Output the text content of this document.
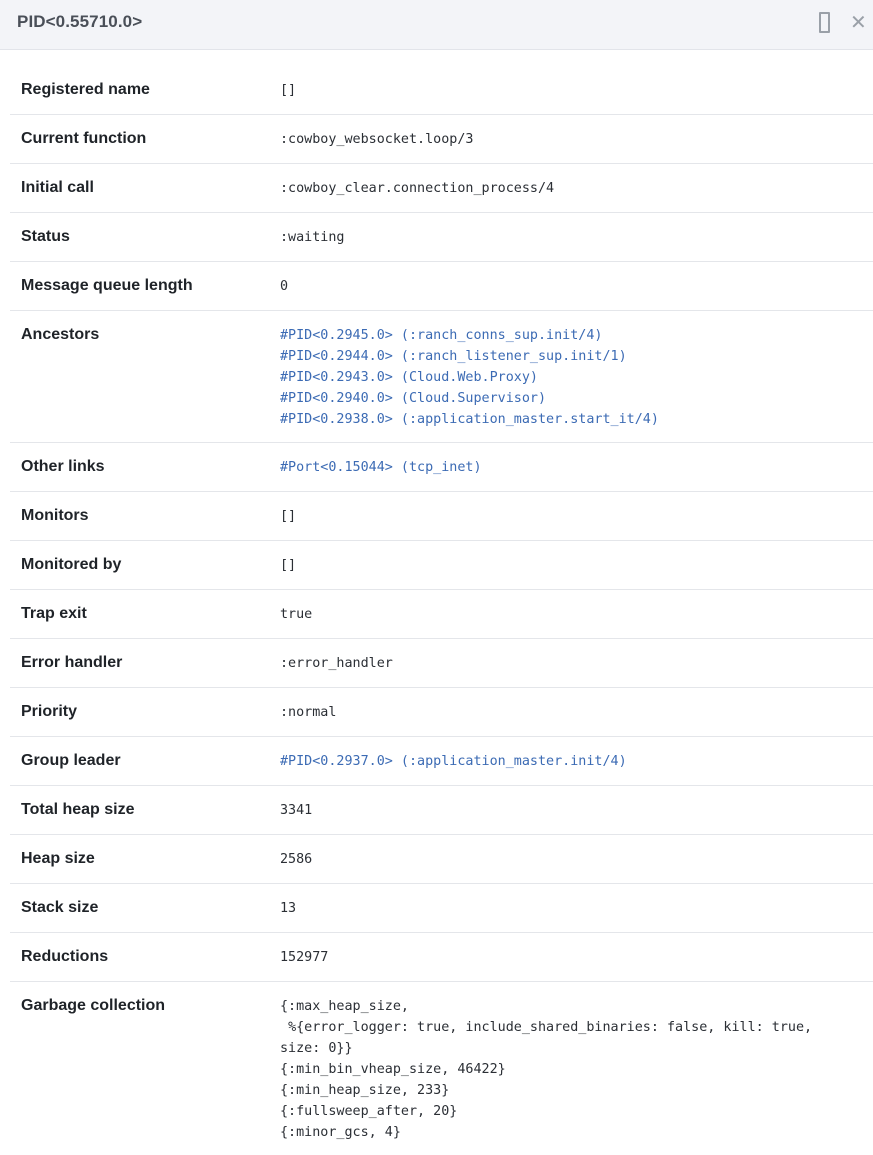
PID<0.55710.0>	✕
Registered name	[]
Current function	:cowboy_websocket.loop/3
Initial call	:cowboy_clear.connection_process/4
Status	:waiting
Message queue length	0
Ancestors	#PID<0.2945.0> (:ranch_conns_sup.init/4)
#PID<0.2944.0> (:ranch_listener_sup.init/1)
#PID<0.2943.0> (Cloud.Web.Proxy)
#PID<0.2940.0> (Cloud.Supervisor)
#PID<0.2938.0> (:application_master.start_it/4)
Other links	#Port<0.15044> (tcp_inet)
Monitors	[]
Monitored by	[]
Trap exit	true
Error handler	:error_handler
Priority	:normal
Group leader	#PID<0.2937.0> (:application_master.init/4)
Total heap size	3341
Heap size	2586
Stack size	13
Reductions	152977
Garbage collection	{:max_heap_size,
%{error_logger: true, include_shared_binaries: false, kill: true, size: 0}}
{:min_bin_vheap_size, 46422}
{:min_heap_size, 233}
{:fullsweep_after, 20}
{:minor_gcs, 4}
